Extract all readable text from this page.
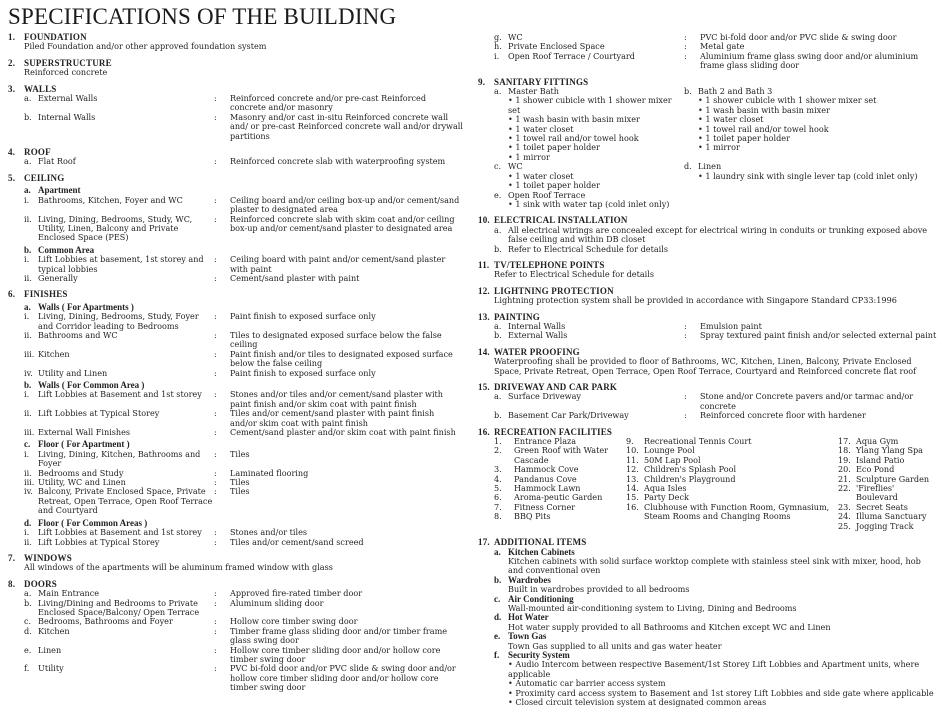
SPECIFICATIONS OF THE BUILDING
1. FOUNDATION
Piled Foundation and/or other approved foundation system
2. SUPERSTRUCTURE
Reinforced concrete
3. WALLS
a. External Walls	:	Reinforced concrete and/or pre-cast Reinforced concrete and/or masonry
b. Internal Walls	:	Masonry and/or cast in-situ Reinforced concrete wall and/ or pre-cast Reinforced concrete wall and/or drywall partitions
4. ROOF
a. Flat Roof	:	Reinforced concrete slab with waterproofing system
5. CEILING
a. Apartment
i.	Bathrooms, Kitchen, Foyer and WC	:	Ceiling board and/or ceiling box-up and/or cement/sand plaster to designated area
ii. Living, Dining, Bedrooms, Study, WC, Utility, Linen, Balcony and Private Enclosed Space (PES)
:	Reinforced concrete slab with skim coat and/or ceiling box-up and/or cement/sand plaster to designated area
b. Common Area
i.	Lift Lobbies at basement, 1st storey and typical lobbies
:	Ceiling board with paint and/or cement/sand plaster with paint
ii. Generally	:	Cement/sand plaster with paint
6. FINISHES
a. Walls ( For Apartments )
i.	Living, Dining, Bedrooms, Study, Foyer and Corridor leading to Bedrooms
:	Paint finish to exposed surface only
ii. Bathrooms and WC	:	Tiles to designated exposed surface below the false ceiling
iii. Kitchen	:	Paint finish and/or tiles to designated exposed surface below the false ceiling
iv. Utility and Linen	:	Paint finish to exposed surface only
b. Walls ( For Common Area )
i.	Lift Lobbies at Basement and 1st storey :	Stones and/or tiles and/or cement/sand plaster with paint finish and/or skim coat with paint finish
ii. Lift Lobbies at Typical Storey	:	Tiles and/or cement/sand plaster with paint finish and/or skim coat with paint finish
iii. External Wall Finishes	:	Cement/sand plaster and/or skim coat with paint finish
c. Floor ( For Apartment )
i.	Living, Dining, Kitchen, Bathrooms and Foyer
:	Tiles
ii. Bedrooms and Study	:	Laminated flooring
iii. Utility, WC and Linen	:	Tiles
iv. Balcony, Private Enclosed Space, Private Retreat, Open Terrace, Open Roof Terrace and Courtyard
:	Tiles
d. Floor ( For Common Areas )
i.	Lift Lobbies at Basement and 1st storey :	Stones and/or tiles
ii. Lift Lobbies at Typical Storey	:	Tiles and/or cement/sand screed
7. WINDOWS
All windows of the apartments will be aluminum framed window with glass
8. DOORS
a. Main Entrance	:	Approved fire-rated timber door
b. Living/Dining and Bedrooms to Private Enclosed Space/Balcony/ Open Terrace
:	Aluminum sliding door
c. Bedrooms, Bathrooms and Foyer	:	Hollow core timber swing door
d. Kitchen	:	Timber frame glass sliding door and/or timber frame glass swing door
e. Linen	:	Hollow core timber sliding door and/or hollow core timber swing door
f.	Utility	:	PVC bi-fold door and/or PVC slide & swing door and/or hollow core timber sliding door and/or hollow core timber swing door
g. WC	:	PVC bi-fold door and/or PVC slide & swing door
h. Private Enclosed Space	:	Metal gate
i.	Open Roof Terrace / Courtyard	:	Aluminium frame glass swing door and/or aluminium frame glass sliding door
9. SANITARY FITTINGS
a. Master Bath
• 1 shower cubicle with 1 shower mixer set
• 1 wash basin with basin mixer
• 1 water closet
• 1 towel rail and/or towel hook
• 1 toilet paper holder
• 1 mirror
b. Bath 2 and Bath 3
• 1 shower cubicle with 1 shower mixer set
• 1 wash basin with basin mixer
• 1 water closet
• 1 towel rail and/or towel hook
• 1 toilet paper holder
• 1 mirror
c. WC
• 1 water closet
• 1 toilet paper holder
d. Linen
• 1 laundry sink with single lever tap (cold inlet only)
e. Open Roof Terrace
• 1 sink with water tap (cold inlet only)
10. ELECTRICAL INSTALLATION
a. All electrical wirings are concealed except for electrical wiring in conduits or trunking exposed above false ceiling and within DB closet
b. Refer to Electrical Schedule for details
11. TV/TELEPHONE POINTS
Refer to Electrical Schedule for details
12. LIGHTNING PROTECTION
Lightning protection system shall be provided in accordance with Singapore Standard CP33:1996
13. PAINTING
a. Internal Walls	:	Emulsion paint
b. External Walls	:	Spray textured paint finish and/or selected external paint
14. WATER PROOFING
Waterproofing shall be provided to floor of Bathrooms, WC, Kitchen, Linen, Balcony, Private Enclosed Space, Private Retreat, Open Terrace, Open Roof Terrace, Courtyard and Reinforced concrete flat roof
15. DRIVEWAY AND CAR PARK
a. Surface Driveway	:	Stone and/or Concrete pavers and/or tarmac and/or concrete
b. Basement Car Park/Driveway	:	Reinforced concrete floor with hardener
16. RECREATION FACILITIES
1.	Entrance Plaza
2.	Green Roof with Water Cascade
3.	Hammock Cove
4.	Pandanus Cove
5.	Hammock Lawn
6.	Aroma-peutic Garden
7.	Fitness Corner
8.	BBQ Pits
9.	Recreational Tennis Court
10. Lounge Pool
11. 50M Lap Pool
12. Children's Splash Pool
13. Children's Playground
14. Aqua Isles
15. Party Deck
16. Clubhouse with Function Room, Gymnasium, Steam Rooms and Changing Rooms
17. Aqua Gym
18. Ylang Ylang Spa
19. Island Patio
20. Eco Pond
21. Sculpture Garden
22. 'Fireflies' Boulevard
23. Secret Seats
24. Illuma Sanctuary
25. Jogging Track
17. ADDITIONAL ITEMS
a. Kitchen Cabinets
Kitchen cabinets with solid surface worktop complete with stainless steel sink with mixer, hood, hob and conventional oven
b. Wardrobes
Built in wardrobes provided to all bedrooms
c. Air Conditioning
Wall-mounted air-conditioning system to Living, Dining and Bedrooms
d. Hot Water
Hot water supply provided to all Bathrooms and Kitchen except WC and Linen
e. Town Gas
Town Gas supplied to all units and gas water heater
f. Security System
• Audio Intercom between respective Basement/1st Storey Lift Lobbies and Apartment units, where applicable
• Automatic car barrier access system
• Proximity card access system to Basement and 1st storey Lift Lobbies and side gate where applicable
• Closed circuit television system at designated common areas
